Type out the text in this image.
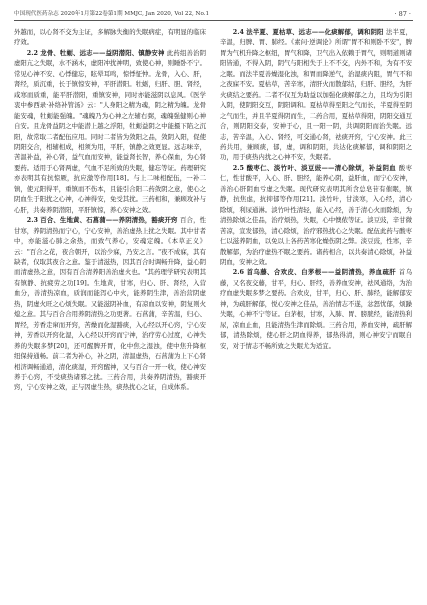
中国现代医药杂志 2020年1月第22卷第1期 MMJC, Jan 2020, Vol 22, No.1	· 87 ·

外越而，以心肾不交为主证，多解脉失衡的失眠病症，有明显的临床疗效。

2.2 龙骨、牡蛎、远志——益阴潜阳、镇静安神 此药组善治阴虚阳亢之失眠，水不涵木，虚阳冲扰神明，致使心神，则睡卧不宁。常见心神不安、心悸健忘，眩晕耳鸣，惊悸怔忡。龙骨，入心、肝，肾经，质沉重，长于镇惊安神，平肝潜阳。牡蛎，归肝、胆、肾经，咸寒而质重，能平肝潜阳，重镇安神，同时亦能滋阴以息风。《医学衷中参西录·补络补管汤》云："人身阳之精为魂，阴之精为魄。龙骨能安魂，牡蛎能强魄。"魂魄乃为心神之左辅右弼，魂魄强健则心神自安。且龙骨益阴之中能潜上越之浮阳，牡蛎益阴之中能摄下陷之沉阳，故常取二者配伍应用。同时二者皆为敛阳之品，敛阴入阳，促使阴阳交合，相辅相成，相须为用，平肝，镇静之效更显。远志味辛，苦温补益，补心肾，益气血而安神，能益肾长智，养心保血，为心肾要药。适用于心肾两虚，气血不足所致的失眠，健忘等证。药理研究亦表明其有抗惊厥，抗应激等作用[18]。与上二味相配伍，一补二镇，使元阳得平，重镇而不伤本，且能引合阳二药敛阴之意，使心之阴血生于阳扰之心神，心神得安，免受其扰。三药相和，兼顾攻补与心肝，共奏养阴潜阳，平肝镇惊，养心安神之效。

2.3 百合、生地黄、石菖蒲——养阴清热，豁痰开窍 百合，性甘寒，养阴清热而宁心，宁心安神，善治虚热上扰之失眠。其中甘者中，亦能滋心肺之余热，而致气养心，安魂定魄。《本草正义》云："百合之花，夜合朝开，以治少寐，乃安之言。"夜不成寐，其有缺者，仅取其夜合之意。鉴于清滋热，因其百合时调畅升降，益心阴而清虚热之意，因有百合清养阳善治虚火也。"其药理学研究表明其有镇静、抗疲劳之功[19]。生地黄，甘寒，归心、肝、肾经，入营血分，善清热凉血，质润而能泻心中火，能养阴生津，善治营阴虚热，阴虚火旺之心烦失眠。又能滋阴补血，有凉血以安神，阴复则火熄之意。其与百合合用养阴清热之功更著。石菖蒲，辛苦温，归心、胃经，芳香走窜而开窍，苦燥而化湿豁痰，入心经以开心窍，宁心安神，芳香以开窍化湿，入心经以开窍而宁神，治疗劳心过度，心神失养的失眠多梦[20]，还可醒脾开胃，化中焦之湿浊，使中焦升降枢纽保持通畅。前二者为补心，补之阴，清温虚热，石菖蒲为上下心肾相济调畅通道，清化痰湿，开窍醒神，又与百合一开一收，使心神安养于心窍，不受痰热诸邪之扰。三药合用，共奏养阴清热，豁痰开窍，宁心安神之效，正与因虚生热，痰热扰心之证，自成体系。

2.4 法半夏、夏枯草、远志——化痰解郁，调和阴阳 法半夏，辛温，归脾、胃、肺经。《素问·逆调论》所谓"胃不和则卧不安"，脾胃为气机升降之枢纽，胃气和降，卫气出入依赖于胃气，则明道则诸阳皆通，不得入阴，阴气与阳相失于上不不交，内外不和，为有不安之眠。而法半夏善燥湿化浊，和胃而降逆气，治湿痰内阻，胃气不和之夜寐不安。夏枯草，苦辛寒，清肝火而散郁结，归肝、胆经，为肝火痰结之要药。二者不仅互为助益以加强化痰解郁之力，且均为引阳入阴，使阴阳交互，阴阳调和。夏枯草得至阳之气而长，半夏得至阴之气而生，并且半夏得阴而生，二药合用，夏枯草得阳，阴阳交通互合，则阴阳交泰，安神于心，且一阳一阴，共调阴阳而治失眠。远志，苦辛温，入心、肾经，可交通心肾，祛痰开窍，宁心安神。此三药共用，兼顾痰，郁，虚，调和阴阳，共达化痰解郁，调和阴阳之功，用于痰热内扰之心神不安，失眠者。

2.5 酸枣仁、淡竹叶、淡豆豉——清心除烦，补益阴血 酸枣仁，性甘酸平，入心、肝、胆经，能养心阴，益肝血，而宁心安神，善治心肝阴血亏虚之失眠。现代研究表明其所含总皂苷有催眠，镇静，抗焦虑，抗抑郁等作用[21]。淡竹叶，甘淡寒，入心经，清心除烦，利尿通淋。淡竹叶性清轻，能入心经，善于清心火而除烦，为清热除烦之佳品，治疗烦热，失眠，心中懊侬等证。淡豆豉，辛甘微苦凉，宣发郁热，清心除烦，治疗邪热扰心之失眠。配伍此药与酸枣仁以滋养阴血，以免以上各药苦寒化燥伤阴之弊。淡豆豉，性寒，辛散解郁，为治疗虚热不眠之要药。诸药相合，以共奏清心除烦，补益阴血，安神之效。

2.6 首乌藤、合欢皮、白茅根——益阴清热，养血疏肝 首乌藤，又名夜交藤，甘平，归心、肝经，善养血安神，祛风通络，为治疗血虚失眠多梦之要药。合欢皮，甘平，归心、肝、肺经，能解郁安神，为疏肝解郁，悦心安神之佳品，善治情志不遂，忿怒忧郁，烦躁失眠，心神不宁等证。白茅根，甘寒，入肺、胃、膀胱经，能清热利尿，凉血止血，且能清热生津而除烦。三药合用，养血安神，疏肝解郁，清热除烦，使心肝之阴血得养，郁热得清，则心神安宁而眠自安，对于情志不畅所致之失眠尤为适宜。
